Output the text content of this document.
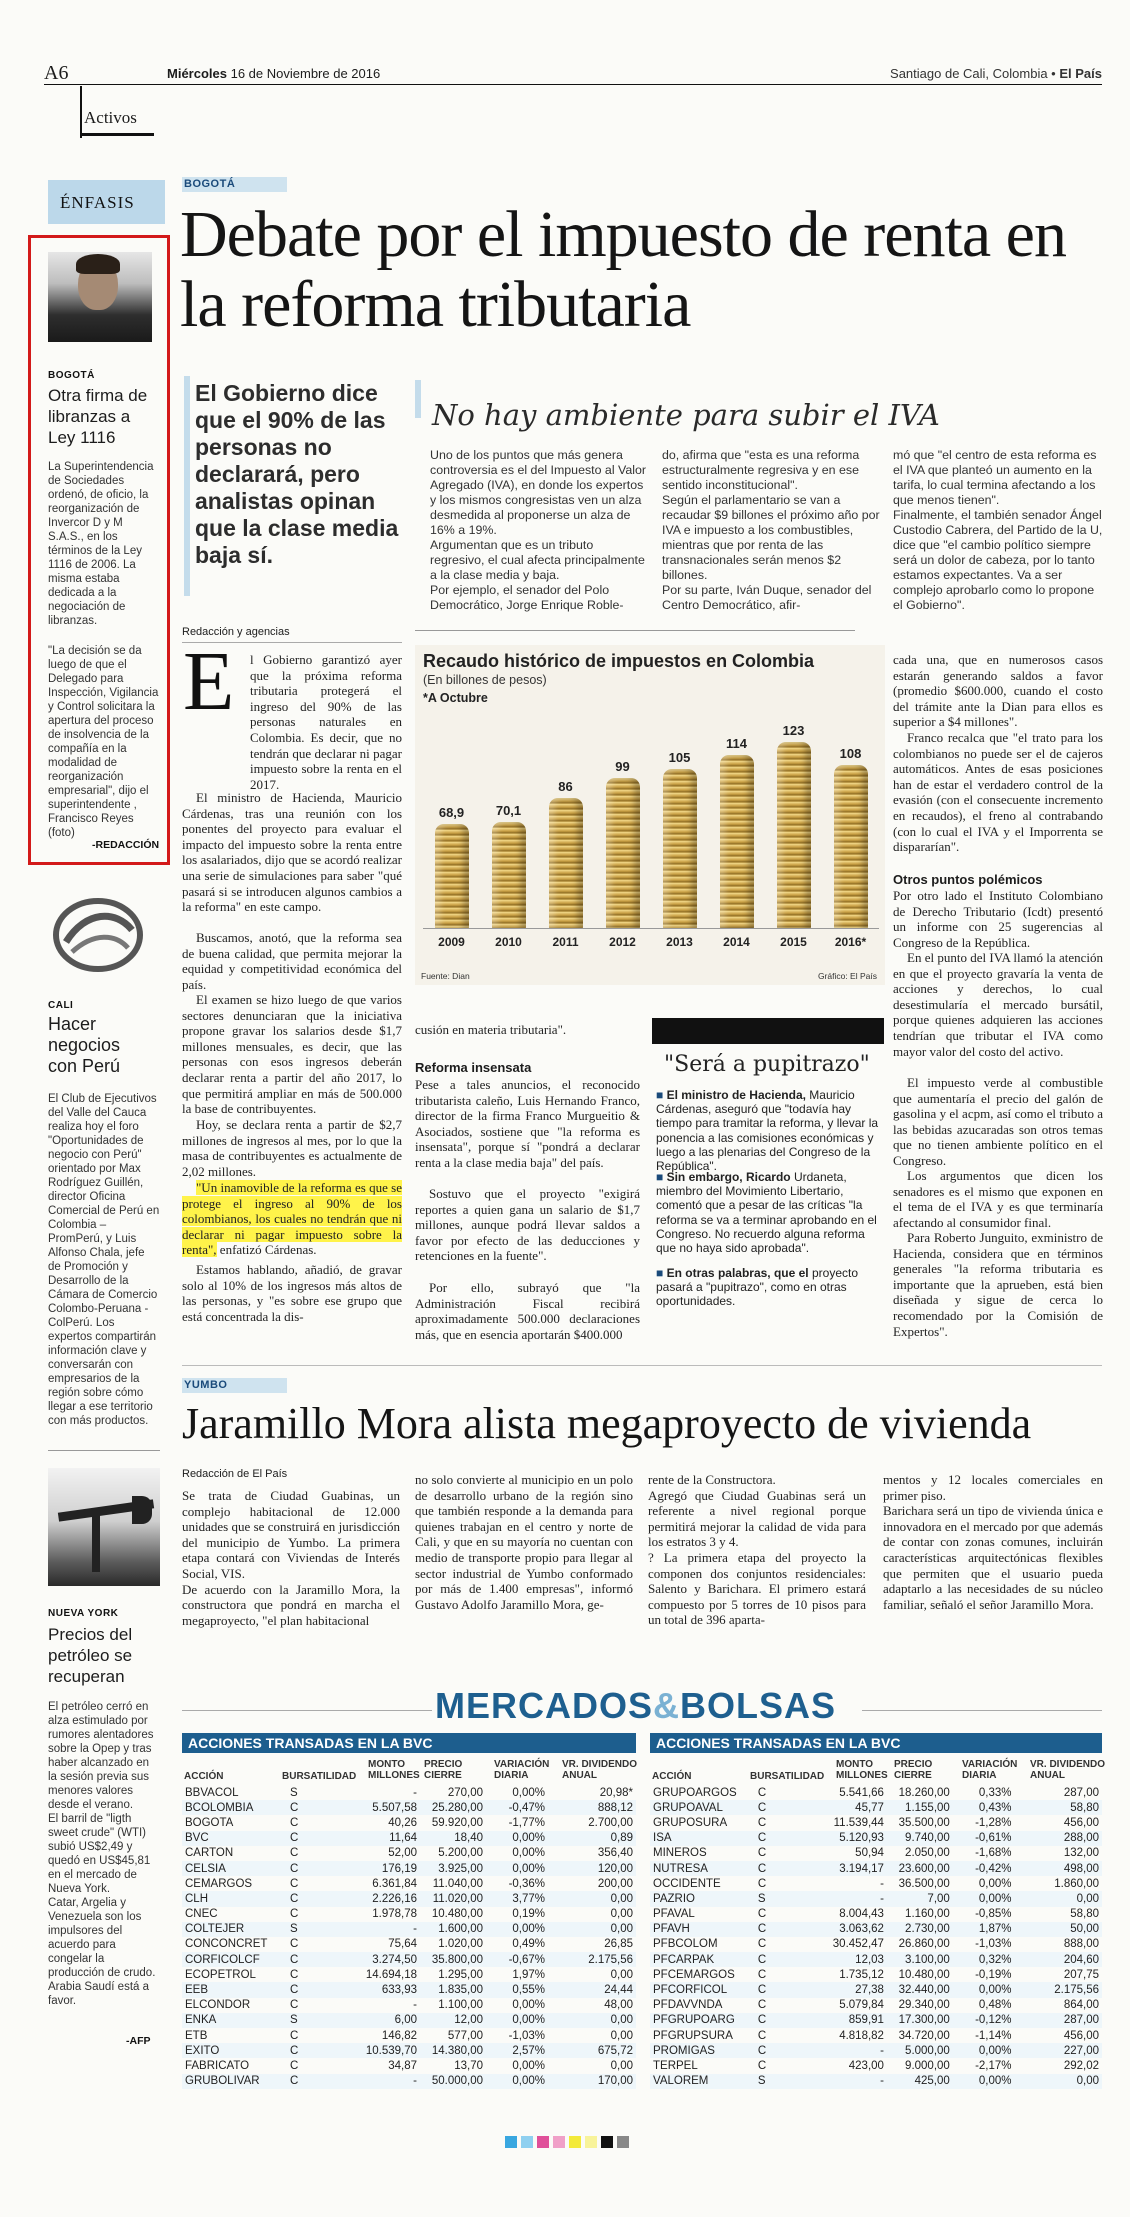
A6	Miércoles 16 de Noviembre de 2016	Santiago de Cali, Colombia • El País
Activos
ÉNFASIS
BOGOTÁ
Otra firma de libranzas a Ley 1116
La Superintendencia de Sociedades ordenó, de oficio, la reorganización de Invercor D y M S.A.S., en los términos de la Ley 1116 de 2006. La misma estaba dedicada a la negociación de libranzas.
"La decisión se da luego de que el Delegado para Inspección, Vigilancia y Control solicitara la apertura del proceso de insolvencia de la compañía en la modalidad de reorganización empresarial", dijo el superintendente , Francisco Reyes (foto)
-REDACCIÓN
CALI
Hacer negocios con Perú
El Club de Ejecutivos del Valle del Cauca realiza hoy el foro "Oportunidades de negocio con Perú" orientado por Max Rodríguez Guillén, director Oficina Comercial de Perú en Colombia – PromPerú, y Luis Alfonso Chala, jefe de Promoción y Desarrollo de la Cámara de Comercio Colombo-Peruana - ColPerú. Los expertos compartirán información clave y conversarán con empresarios de la región sobre cómo llegar a ese territorio con más productos.
NUEVA YORK
Precios del petróleo se recuperan
El petróleo cerró en alza estimulado por rumores alentadores sobre la Opep y tras haber alcanzado en la sesión previa sus menores valores desde el verano.
El barril de "ligth sweet crude" (WTI) subió US$2,49 y quedó en US$45,81 en el mercado de Nueva York.
Catar, Argelia y Venezuela son los impulsores del acuerdo para congelar la producción de crudo. Arabia Saudí está a favor.
-AFP
BOGOTÁ
Debate por el impuesto de renta en la reforma tributaria
El Gobierno dice que el 90% de las personas no declarará, pero analistas opinan que la clase media baja sí.
Redacción y agencias
E l Gobierno garantizó ayer que la próxima reforma tributaria protegerá el ingreso del 90% de las personas naturales en Colombia. Es decir, que no tendrán que declarar ni pagar impuesto sobre la renta en el 2017.
El ministro de Hacienda, Mauricio Cárdenas, tras una reunión con los ponentes del proyecto para evaluar el impacto del impuesto sobre la renta entre los asalariados, dijo que se acordó realizar una serie de simulaciones para saber "qué pasará si se introducen algunos cambios a la reforma" en este campo.
Buscamos, anotó, que la reforma sea de buena calidad, que permita mejorar la equidad y competitividad económica del país.
El examen se hizo luego de que varios sectores denunciaran que la iniciativa propone gravar los salarios desde $1,7 millones mensuales, es decir, que las personas con esos ingresos deberán declarar renta a partir del año 2017, lo que permitirá ampliar en más de 500.000 la base de contribuyentes.
Hoy, se declara renta a partir de $2,7 millones de ingresos al mes, por lo que la masa de contribuyentes es actualmente de 2,02 millones.
"Un inamovible de la reforma es que se protege el ingreso al 90% de los colombianos, los cuales no tendrán que ni declarar ni pagar impuesto sobre la renta", enfatizó Cárdenas.
Estamos hablando, añadió, de gravar solo al 10% de los ingresos más altos de las personas, y "es sobre ese grupo que está concentrada la dis-
No hay ambiente para subir el IVA
Uno de los puntos que más genera controversia es el del Impuesto al Valor Agregado (IVA), en donde los expertos y los mismos congresistas ven un alza desmedida al proponerse un alza de 16% a 19%.
Argumentan que es un tributo regresivo, el cual afecta principalmente a la clase media y baja.
Por ejemplo, el senador del Polo Democrático, Jorge Enrique Roble-
do, afirma que "esta es una reforma estructuralmente regresiva y en ese sentido inconstitucional".
Según el parlamentario se van a recaudar $9 billones el próximo año por IVA e impuesto a los combustibles, mientras que por renta de las transnacionales serán menos $2 billones.
Por su parte, Iván Duque, senador del Centro Democrático, afir-
mó que "el centro de esta reforma es el IVA que planteó un aumento en la tarifa, lo cual termina afectando a los que menos tienen".
Finalmente, el también senador Ángel Custodio Cabrera, del Partido de la U, dice que "el cambio político siempre será un dolor de cabeza, por lo tanto estamos expectantes. Va a ser complejo aprobarlo como lo propone el Gobierno".
Recaudo histórico de impuestos en Colombia
(En billones de pesos)
*A Octubre
68,9
2009
70,1
2010
86
2011
99
2012
105
2013
114
2014
123
2015
108
2016*
Fuente: Dian	Gráfico: El País
cusión en materia tributaria".
Reforma insensata
Pese a tales anuncios, el reconocido tributarista caleño, Luis Hernando Franco, director de la firma Franco Murgueitio & Asociados, sostiene que "la reforma es insensata", porque sí "pondrá a declarar renta a la clase media baja" del país.
Sostuvo que el proyecto "exigirá reportes a quien gana un salario de $1,7 millones, aunque podrá llevar saldos a favor por efecto de las deducciones y retenciones en la fuente".
Por ello, subrayó que "la Administración Fiscal recibirá aproximadamente 500.000 declaraciones más, que en esencia aportarán $400.000
"Será a pupitrazo"
■ El ministro de Hacienda, Mauricio Cárdenas, aseguró que "todavía hay tiempo para tramitar la reforma, y llevar la ponencia a las comisiones económicas y luego a las plenarias del Congreso de la República".
■ Sin embargo, Ricardo Urdaneta, miembro del Movimiento Libertario, comentó que a pesar de las críticas "la reforma se va a terminar aprobando en el Congreso. No recuerdo alguna reforma que no haya sido aprobada".
■ En otras palabras, que el proyecto pasará a "pupitrazo", como en otras oportunidades.
cada una, que en numerosos casos estarán generando saldos a favor (promedio $600.000, cuando el costo del trámite ante la Dian para ellos es superior a $4 millones".
Franco recalca que "el trato para los colombianos no puede ser el de cajeros automáticos. Antes de esas posiciones han de estar el verdadero control de la evasión (con el consecuente incremento en recaudos), el freno al contrabando (con lo cual el IVA y el Imporrenta se dispararían".
Otros puntos polémicos
Por otro lado el Instituto Colombiano de Derecho Tributario (Icdt) presentó un informe con 25 sugerencias al Congreso de la República.
En el punto del IVA llamó la atención en que el proyecto gravaría la venta de acciones y derechos, lo cual desestimularía el mercado bursátil, porque quienes adquieren las acciones tendrían que tributar el IVA como mayor valor del costo del activo.
El impuesto verde al combustible que aumentaría el precio del galón de gasolina y el acpm, así como el tributo a las bebidas azucaradas son otros temas que no tienen ambiente político en el Congreso.
Los argumentos que dicen los senadores es el mismo que exponen en el tema de el IVA y es que terminaría afectando al consumidor final.
Para Roberto Junguito, exministro de Hacienda, considera que en términos generales "la reforma tributaria es importante que la aprueben, está bien diseñada y sigue de cerca lo recomendado por la Comisión de Expertos".
YUMBO
Jaramillo Mora alista megaproyecto de vivienda
Redacción de El País
Se trata de Ciudad Guabinas, un complejo habitacional de 12.000 unidades que se construirá en jurisdicción del municipio de Yumbo. La primera etapa contará con Viviendas de Interés Social, VIS.
De acuerdo con la Jaramillo Mora, la constructora que pondrá en marcha el megaproyecto, "el plan habitacional
no solo convierte al municipio en un polo de desarrollo urbano de la región sino que también responde a la demanda para quienes trabajan en el centro y norte de Cali, y que en su mayoría no cuentan con medio de transporte propio para llegar al sector industrial de Yumbo conformado por más de 1.400 empresas", informó Gustavo Adolfo Jaramillo Mora, ge-
rente de la Constructora.
Agregó que Ciudad Guabinas será un referente a nivel regional porque permitirá mejorar la calidad de vida para los estratos 3 y 4.
? La primera etapa del proyecto la componen dos conjuntos residenciales: Salento y Barichara. El primero estará compuesto por 5 torres de 10 pisos para un total de 396 aparta-
mentos y 12 locales comerciales en primer piso.
Barichara será un tipo de vivienda única e innovadora en el mercado por que además de contar con zonas comunes, incluirán características arquitectónicas flexibles que permiten que el usuario pueda adaptarlo a las necesidades de su núcleo familiar, señaló el señor Jaramillo Mora.
MERCADOS&BOLSAS
ACCIONES TRANSADAS EN LA BVC
ACCIÓN	BURSATILIDAD
MONTO MILLONES
PRECIO CIERRE
VARIACIÓN DIARIA
VR. DIVIDENDO ANUAL
BBVACOL	S	-	270,00	0,00%	20,98*
BCOLOMBIA	C	5.507,58	25.280,00	-0,47%	888,12
BOGOTA	C	40,26	59.920,00	-1,77%	2.700,00
BVC	C	11,64	18,40	0,00%	0,89
CARTON	C	52,00	5.200,00	0,00%	356,40
CELSIA	C	176,19	3.925,00	0,00%	120,00
CEMARGOS	C	6.361,84	11.040,00	-0,36%	200,00
CLH	C	2.226,16	11.020,00	3,77%	0,00
CNEC	C	1.978,78	10.480,00	0,19%	0,00
COLTEJER	S	-	1.600,00	0,00%	0,00
CONCONCRET	C	75,64	1.020,00	0,49%	26,85
CORFICOLCF	C	3.274,50	35.800,00	-0,67%	2.175,56
ECOPETROL	C	14.694,18	1.295,00	1,97%	0,00
EEB	C	633,93	1.835,00	0,55%	24,44
ELCONDOR	C	-	1.100,00	0,00%	48,00
ENKA	S	6,00	12,00	0,00%	0,00
ETB	C	146,82	577,00	-1,03%	0,00
EXITO	C	10.539,70	14.380,00	2,57%	675,72
FABRICATO	C	34,87	13,70	0,00%	0,00
GRUBOLIVAR	C	-	50.000,00	0,00%	170,00
ACCIONES TRANSADAS EN LA BVC
ACCIÓN	BURSATILIDAD
MONTO MILLONES
PRECIO CIERRE
VARIACIÓN DIARIA
VR. DIVIDENDO ANUAL
GRUPOARGOS	C	5.541,66	18.260,00	0,33%	287,00
GRUPOAVAL	C	45,77	1.155,00	0,43%	58,80
GRUPOSURA	C	11.539,44	35.500,00	-1,28%	456,00
ISA	C	5.120,93	9.740,00	-0,61%	288,00
MINEROS	C	50,94	2.050,00	-1,68%	132,00
NUTRESA	C	3.194,17	23.600,00	-0,42%	498,00
OCCIDENTE	C	-	36.500,00	0,00%	1.860,00
PAZRIO	S	-	7,00	0,00%	0,00
PFAVAL	C	8.004,43	1.160,00	-0,85%	58,80
PFAVH	C	3.063,62	2.730,00	1,87%	50,00
PFBCOLOM	C	30.452,47	26.860,00	-1,03%	888,00
PFCARPAK	C	12,03	3.100,00	0,32%	204,60
PFCEMARGOS	C	1.735,12	10.480,00	-0,19%	207,75
PFCORFICOL	C	27,38	32.440,00	0,00%	2.175,56
PFDAVVNDA	C	5.079,84	29.340,00	0,48%	864,00
PFGRUPOARG	C	859,91	17.300,00	-0,12%	287,00
PFGRUPSURA	C	4.818,82	34.720,00	-1,14%	456,00
PROMIGAS	C	-	5.000,00	0,00%	227,00
TERPEL	C	423,00	9.000,00	-2,17%	292,02
VALOREM	S	-	425,00	0,00%	0,00
